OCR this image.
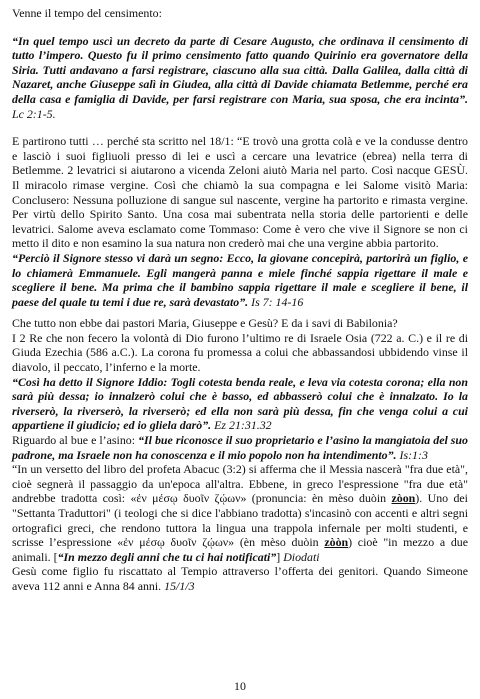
Venne il tempo del censimento:

“In quel tempo uscì un decreto da parte di Cesare Augusto, che ordinava il censimento di tutto l’impero. Questo fu il primo censimento fatto quando Quirinio era governatore della Siria. Tutti andavano a farsi registrare, ciascuno alla sua città. Dalla Galilea, dalla città di Nazaret, anche Giuseppe salì in Giudea, alla città di Davide chiamata Betlemme, perché era della casa e famiglia di Davide, per farsi registrare con Maria, sua sposa, che era incinta”. Lc 2:1-5.

E partirono tutti … perché sta scritto nel 18/1: “E trovò una grotta colà e ve la condusse dentro e lasciò i suoi figliuoli presso di lei e uscì a cercare una levatrice (ebrea) nella terra di Betlemme. 2 levatrici si aiutarono a vicenda Zeloni aiutò Maria nel parto. Così nacque GESÙ. Il miracolo rimase vergine. Così che chiamò la sua compagna e lei Salome visitò Maria: Conclusero: Nessuna polluzione di sangue sul nascente, vergine ha partorito e rimasta vergine. Per virtù dello Spirito Santo. Una cosa mai subentrata nella storia delle partorienti e delle levatrici. Salome aveva esclamato come Tommaso: Come è vero che vive il Signore se non ci metto il dito e non esamino la sua natura non crederò mai che una vergine abbia partorito.

“Perciò il Signore stesso vi darà un segno: Ecco, la giovane concepirà, partorirà un figlio, e lo chiamerà Emmanuele. Egli mangerà panna e miele finché sappia rigettare il male e scegliere il bene. Ma prima che il bambino sappia rigettare il male e scegliere il bene, il paese del quale tu temi i due re, sarà devastato”. Is 7: 14-16

Che tutto non ebbe dai pastori Maria, Giuseppe e Gesù? E da i savi di Babilonia?

I 2 Re che non fecero la volontà di Dio furono l’ultimo re di Israele Osia (722 a. C.) e il re di Giuda Ezechia (586 a.C.). La corona fu promessa a colui che abbassandosi ubbidendo vinse il diavolo, il peccato, l’inferno e la morte.

“Così ha detto il Signore Iddio: Togli cotesta benda reale, e leva via cotesta corona; ella non sarà più dessa; io innalzerò colui che è basso, ed abbasserò colui che è innalzato. Io la riverserò, la riverserò, la riverserò; ed ella non sarà più dessa, fin che venga colui a cui appartiene il giudicio; ed io gliela darò”. Ez 21:31.32

Riguardo al bue e l’asino: “Il bue riconosce il suo proprietario e l’asino la mangiatoia del suo padrone, ma Israele non ha conoscenza e il mio popolo non ha intendimento”. Is:1:3

“In un versetto del libro del profeta Abacuc (3:2) si afferma che il Messia nascerà "fra due età", cioè segnerà il passaggio da un'epoca all'altra. Ebbene, in greco l'espressione "fra due età" andrebbe tradotta così: «ἐν μέσῳ δυοῖν ζῴων» (pronuncia: èn mèso duòin zòon). Uno dei "Settanta Traduttori" (i teologi che si dice l'abbiano tradotta) s'incasinò con accenti e altri segni ortografici greci, che rendono tuttora la lingua una trappola infernale per molti studenti, e scrisse l’espressione «ἐν μέσῳ δυοῖν ζῴων» (èn mèso duòin zòòn) cioè "in mezzo a due animali. [“In mezzo degli anni che tu ci hai notificati”] Diodati

Gesù come figlio fu riscattato al Tempio attraverso l’offerta dei genitori. Quando Simeone aveva 112 anni e Anna 84 anni. 15/1/3

10
